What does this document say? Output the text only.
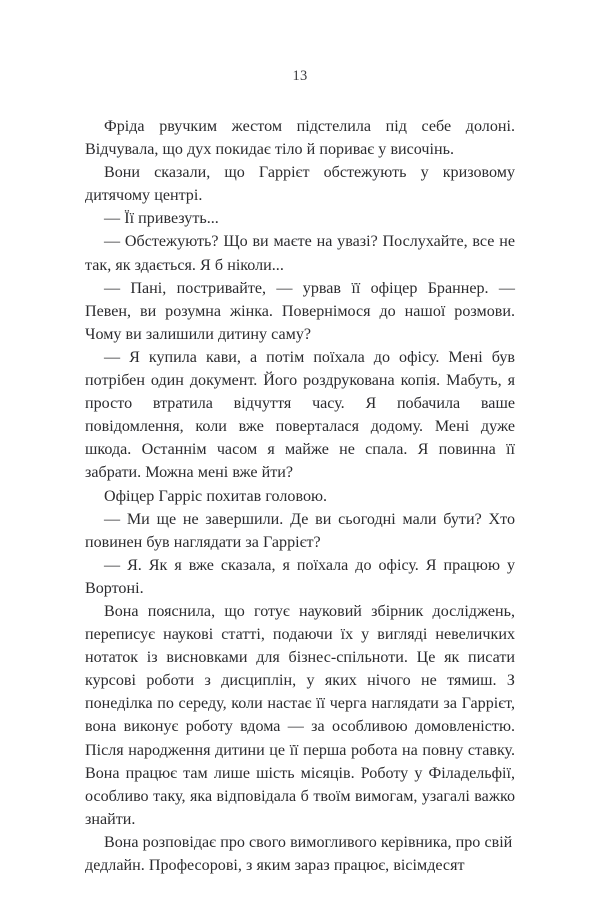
13

Фріда рвучким жестом підстелила під себе долоні. Відчувала, що дух покидає тіло й пориває у височінь.

Вони сказали, що Гаррієт обстежують у кризовому дитячому центрі.

— Її привезуть...

— Обстежують? Що ви маєте на увазі? Послухайте, все не так, як здається. Я б ніколи...

— Пані, постривайте, — урвав її офіцер Браннер. — Певен, ви розумна жінка. Повернімося до нашої розмови. Чому ви залишили дитину саму?

— Я купила кави, а потім поїхала до офісу. Мені був потрібен один документ. Його роздрукована копія. Мабуть, я просто втратила відчуття часу. Я побачила ваше повідомлення, коли вже поверталася додому. Мені дуже шкода. Останнім часом я майже не спала. Я повинна її забрати. Можна мені вже йти?

Офіцер Гарріс похитав головою.

— Ми ще не завершили. Де ви сьогодні мали бути? Хто повинен був наглядати за Гаррієт?

— Я. Як я вже сказала, я поїхала до офісу. Я працюю у Вортоні.

Вона пояснила, що готує науковий збірник досліджень, переписує наукові статті, подаючи їх у вигляді невеличких нотаток із висновками для бізнес-спільноти. Це як писати курсові роботи з дисциплін, у яких нічого не тямиш. З понеділка по середу, коли настає її черга наглядати за Гаррієт, вона виконує роботу вдома — за особливою домовленістю. Після народження дитини це її перша робота на повну ставку. Вона працює там лише шість місяців. Роботу у Філадельфії, особливо таку, яка відповідала б твоїм вимогам, узагалі важко знайти.

Вона розповідає про свого вимогливого керівника, про свій дедлайн. Професорові, з яким зараз працює, вісімдесят
